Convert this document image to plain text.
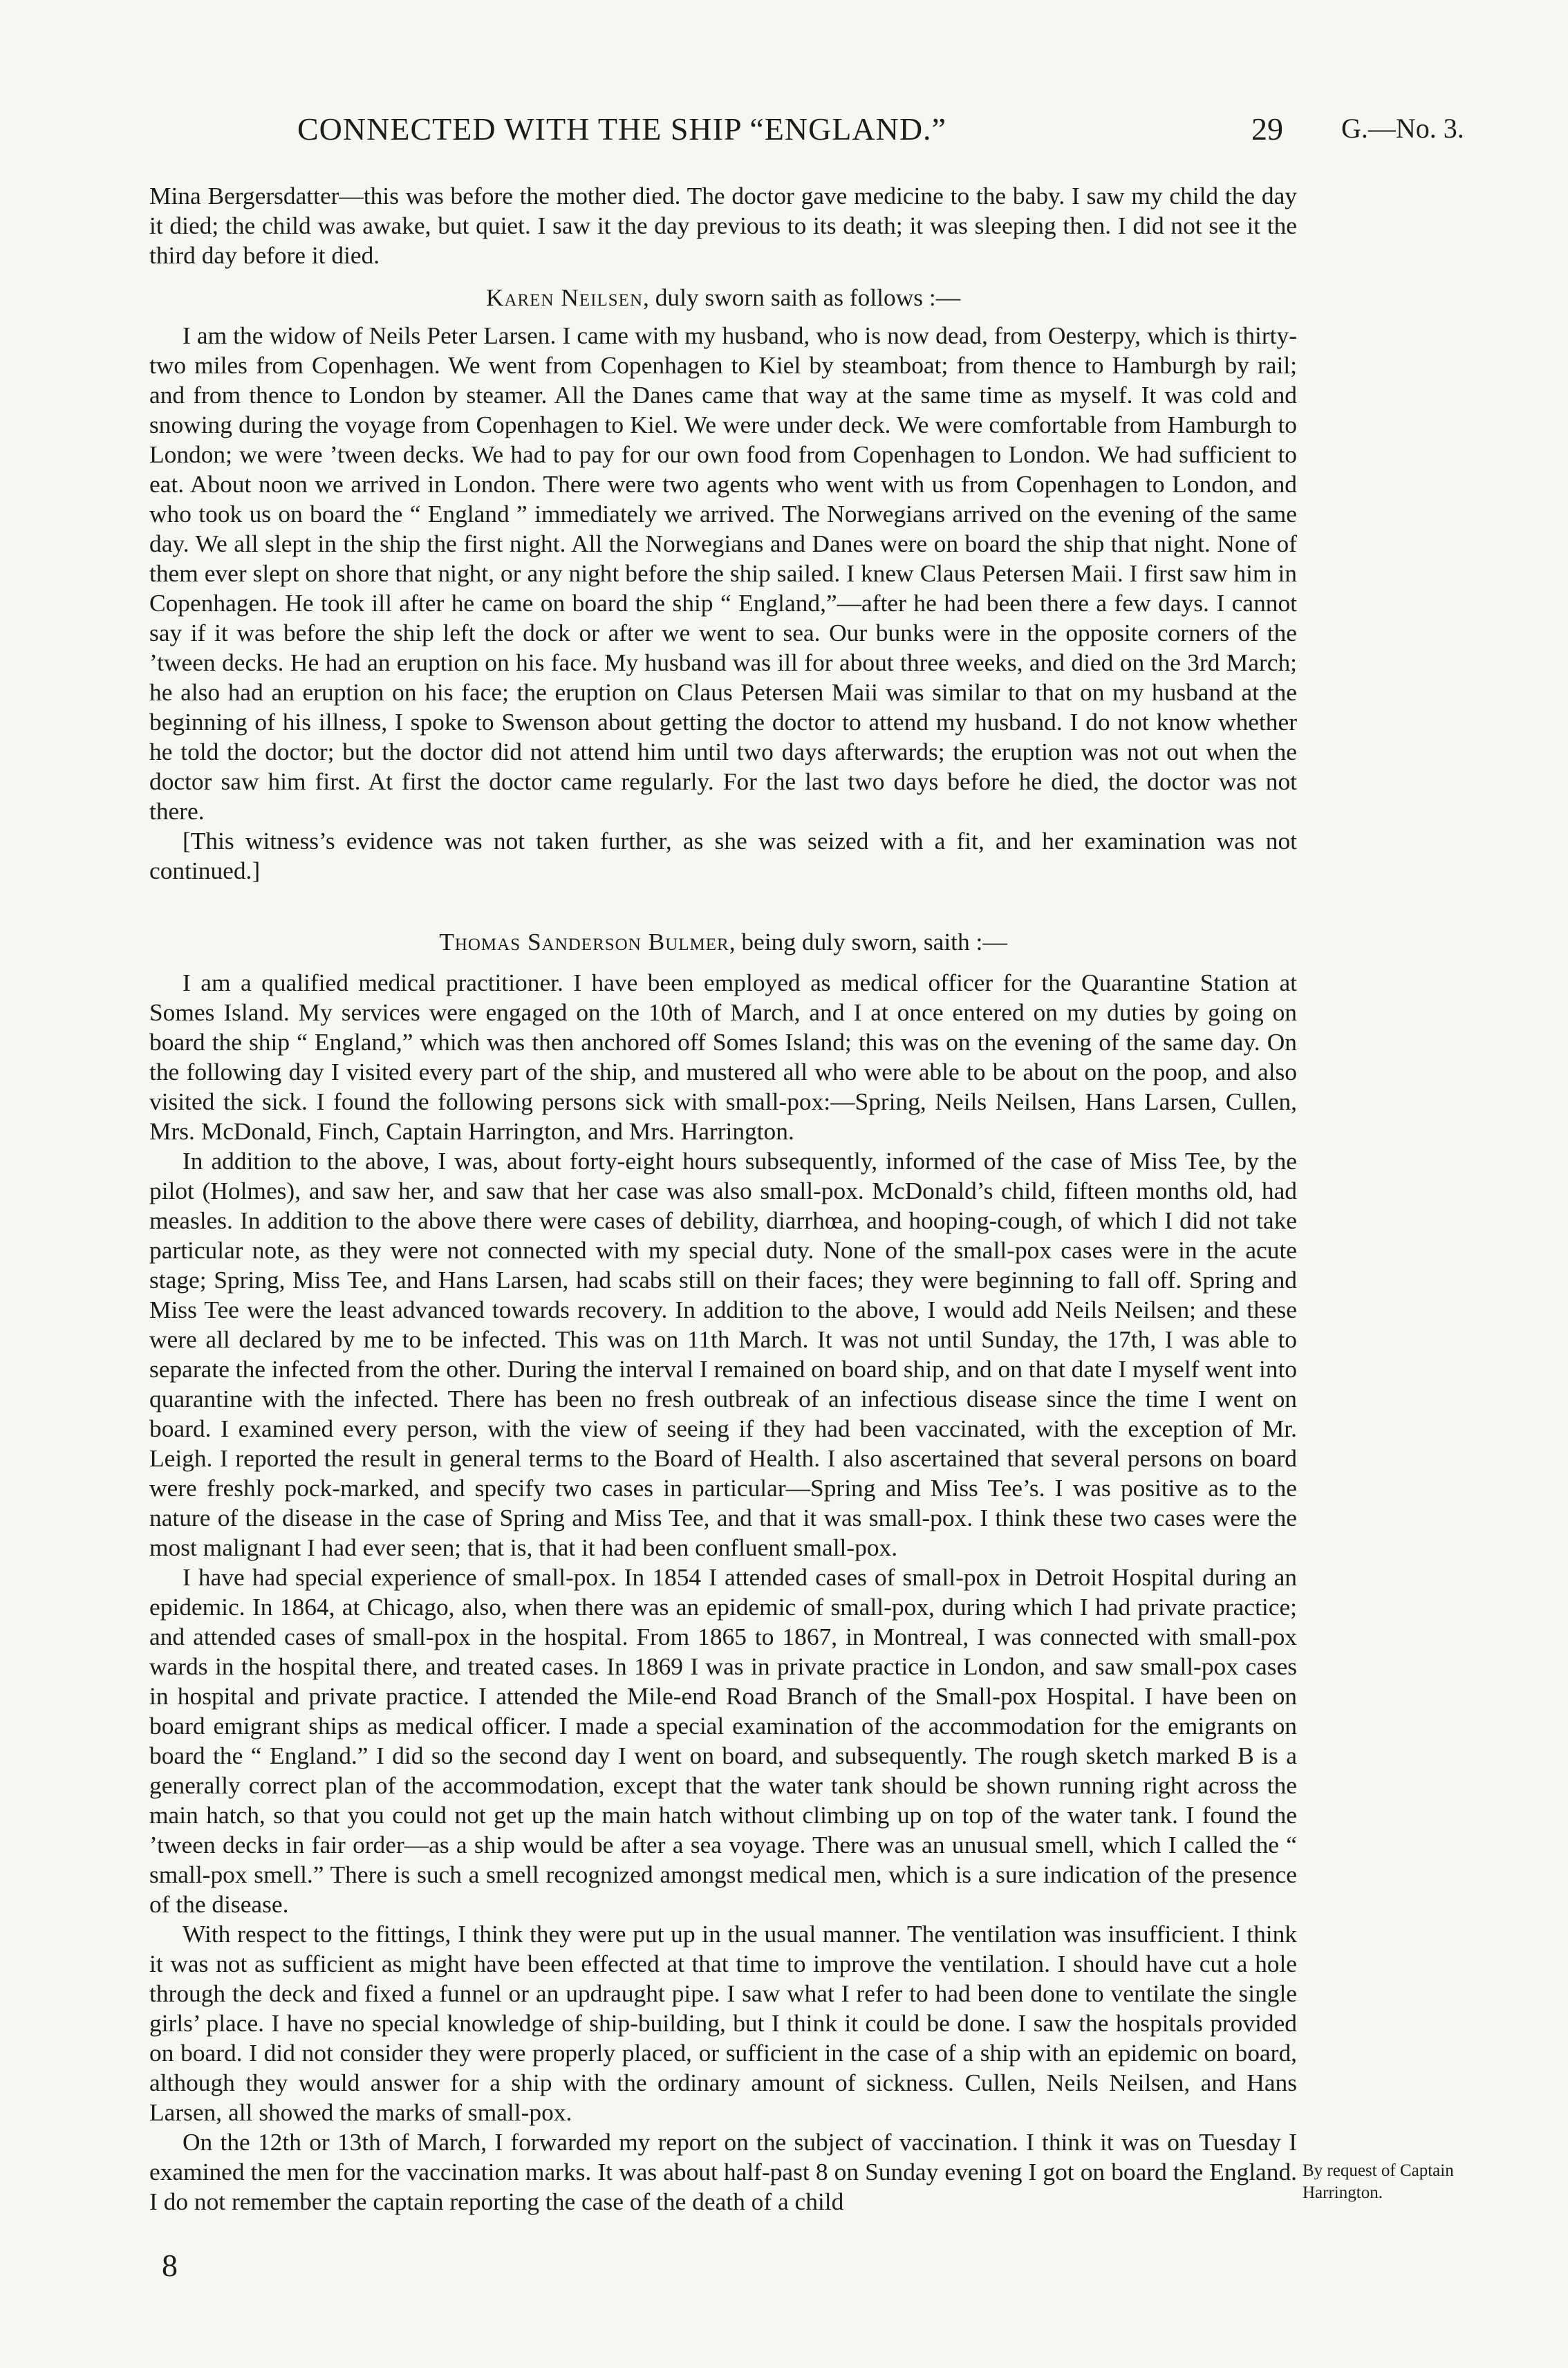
CONNECTED WITH THE SHIP “ENGLAND.”	29 G.—No. 3.

Mina Bergersdatter—this was before the mother died. The doctor gave medicine to the baby. I saw my child the day it died; the child was awake, but quiet. I saw it the day previous to its death; it was sleeping then. I did not see it the third day before it died.

Karen Neilsen, duly sworn saith as follows :—

I am the widow of Neils Peter Larsen. I came with my husband, who is now dead, from Oesterpy, which is thirty-two miles from Copenhagen. We went from Copenhagen to Kiel by steamboat; from thence to Hamburgh by rail; and from thence to London by steamer. All the Danes came that way at the same time as myself. It was cold and snowing during the voyage from Copenhagen to Kiel. We were under deck. We were comfortable from Hamburgh to London; we were ’tween decks. We had to pay for our own food from Copenhagen to London. We had sufficient to eat. About noon we arrived in London. There were two agents who went with us from Copenhagen to London, and who took us on board the “ England ” immediately we arrived. The Norwegians arrived on the evening of the same day. We all slept in the ship the first night. All the Norwegians and Danes were on board the ship that night. None of them ever slept on shore that night, or any night before the ship sailed. I knew Claus Petersen Maii. I first saw him in Copenhagen. He took ill after he came on board the ship “ England,”—after he had been there a few days. I cannot say if it was before the ship left the dock or after we went to sea. Our bunks were in the opposite corners of the ’tween decks. He had an eruption on his face. My husband was ill for about three weeks, and died on the 3rd March; he also had an eruption on his face; the eruption on Claus Petersen Maii was similar to that on my husband at the beginning of his illness, I spoke to Swenson about getting the doctor to attend my husband. I do not know whether he told the doctor; but the doctor did not attend him until two days afterwards; the eruption was not out when the doctor saw him first. At first the doctor came regularly. For the last two days before he died, the doctor was not there.

[This witness’s evidence was not taken further, as she was seized with a fit, and her examination was not continued.]

Thomas Sanderson Bulmer, being duly sworn, saith :—

I am a qualified medical practitioner. I have been employed as medical officer for the Quarantine Station at Somes Island. My services were engaged on the 10th of March, and I at once entered on my duties by going on board the ship “ England,” which was then anchored off Somes Island; this was on the evening of the same day. On the following day I visited every part of the ship, and mustered all who were able to be about on the poop, and also visited the sick. I found the following persons sick with small-pox:—Spring, Neils Neilsen, Hans Larsen, Cullen, Mrs. McDonald, Finch, Captain Harrington, and Mrs. Harrington.

In addition to the above, I was, about forty-eight hours subsequently, informed of the case of Miss Tee, by the pilot (Holmes), and saw her, and saw that her case was also small-pox. McDonald’s child, fifteen months old, had measles. In addition to the above there were cases of debility, diarrhœa, and hooping-cough, of which I did not take particular note, as they were not connected with my special duty. None of the small-pox cases were in the acute stage; Spring, Miss Tee, and Hans Larsen, had scabs still on their faces; they were beginning to fall off. Spring and Miss Tee were the least advanced towards recovery. In addition to the above, I would add Neils Neilsen; and these were all declared by me to be infected. This was on 11th March. It was not until Sunday, the 17th, I was able to separate the infected from the other. During the interval I remained on board ship, and on that date I myself went into quarantine with the infected. There has been no fresh outbreak of an infectious disease since the time I went on board. I examined every person, with the view of seeing if they had been vaccinated, with the exception of Mr. Leigh. I reported the result in general terms to the Board of Health. I also ascertained that several persons on board were freshly pock-marked, and specify two cases in particular—Spring and Miss Tee’s. I was positive as to the nature of the disease in the case of Spring and Miss Tee, and that it was small-pox. I think these two cases were the most malignant I had ever seen; that is, that it had been confluent small-pox.

I have had special experience of small-pox. In 1854 I attended cases of small-pox in Detroit Hospital during an epidemic. In 1864, at Chicago, also, when there was an epidemic of small-pox, during which I had private practice; and attended cases of small-pox in the hospital. From 1865 to 1867, in Montreal, I was connected with small-pox wards in the hospital there, and treated cases. In 1869 I was in private practice in London, and saw small-pox cases in hospital and private practice. I attended the Mile-end Road Branch of the Small-pox Hospital. I have been on board emigrant ships as medical officer. I made a special examination of the accommodation for the emigrants on board the “ England.” I did so the second day I went on board, and subsequently. The rough sketch marked B is a generally correct plan of the accommodation, except that the water tank should be shown running right across the main hatch, so that you could not get up the main hatch without climbing up on top of the water tank. I found the ’tween decks in fair order—as a ship would be after a sea voyage. There was an unusual smell, which I called the “ small-pox smell.” There is such a smell recognized amongst medical men, which is a sure indication of the presence of the disease.

With respect to the fittings, I think they were put up in the usual manner. The ventilation was insufficient. I think it was not as sufficient as might have been effected at that time to improve the ventilation. I should have cut a hole through the deck and fixed a funnel or an updraught pipe. I saw what I refer to had been done to ventilate the single girls’ place. I have no special knowledge of ship-building, but I think it could be done. I saw the hospitals provided on board. I did not consider they were properly placed, or sufficient in the case of a ship with an epidemic on board, although they would answer for a ship with the ordinary amount of sickness. Cullen, Neils Neilsen, and Hans Larsen, all showed the marks of small-pox.

On the 12th or 13th of March, I forwarded my report on the subject of vaccination. I think it was on Tuesday I examined the men for the vaccination marks. It was about half-past 8 on Sunday evening I got on board the England. I do not remember the captain reporting the case of the death of a child

By request of Captain Harrington.
8
